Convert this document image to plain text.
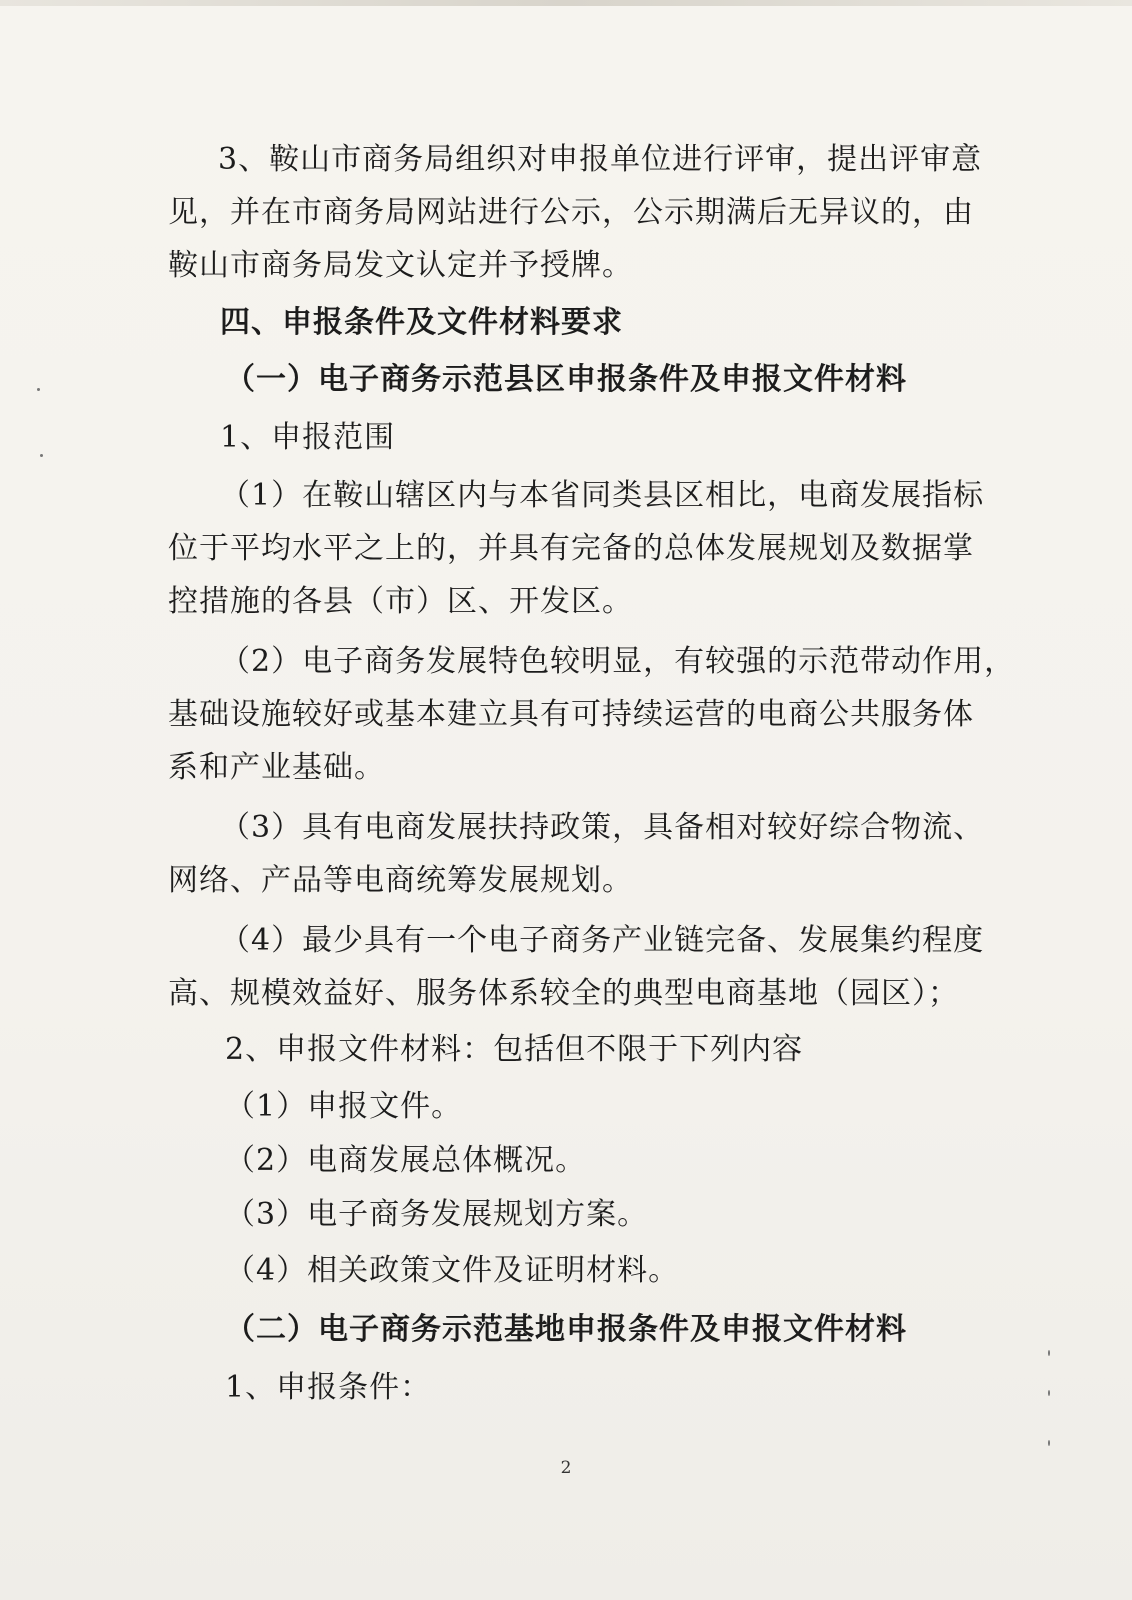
3、鞍山市商务局组织对申报单位进行评审，提出评审意
见，并在市商务局网站进行公示，公示期满后无异议的，由
鞍山市商务局发文认定并予授牌。
四、申报条件及文件材料要求
（一）电子商务示范县区申报条件及申报文件材料
1、申报范围
（1）在鞍山辖区内与本省同类县区相比，电商发展指标
位于平均水平之上的，并具有完备的总体发展规划及数据掌
控措施的各县（市）区、开发区。
（2）电子商务发展特色较明显，有较强的示范带动作用，
基础设施较好或基本建立具有可持续运营的电商公共服务体
系和产业基础。
（3）具有电商发展扶持政策，具备相对较好综合物流、
网络、产品等电商统筹发展规划。
（4）最少具有一个电子商务产业链完备、发展集约程度
高、规模效益好、服务体系较全的典型电商基地（园区）；
2、申报文件材料：包括但不限于下列内容
（1）申报文件。
（2）电商发展总体概况。
（3）电子商务发展规划方案。
（4）相关政策文件及证明材料。
（二）电子商务示范基地申报条件及申报文件材料
1、申报条件：
2
